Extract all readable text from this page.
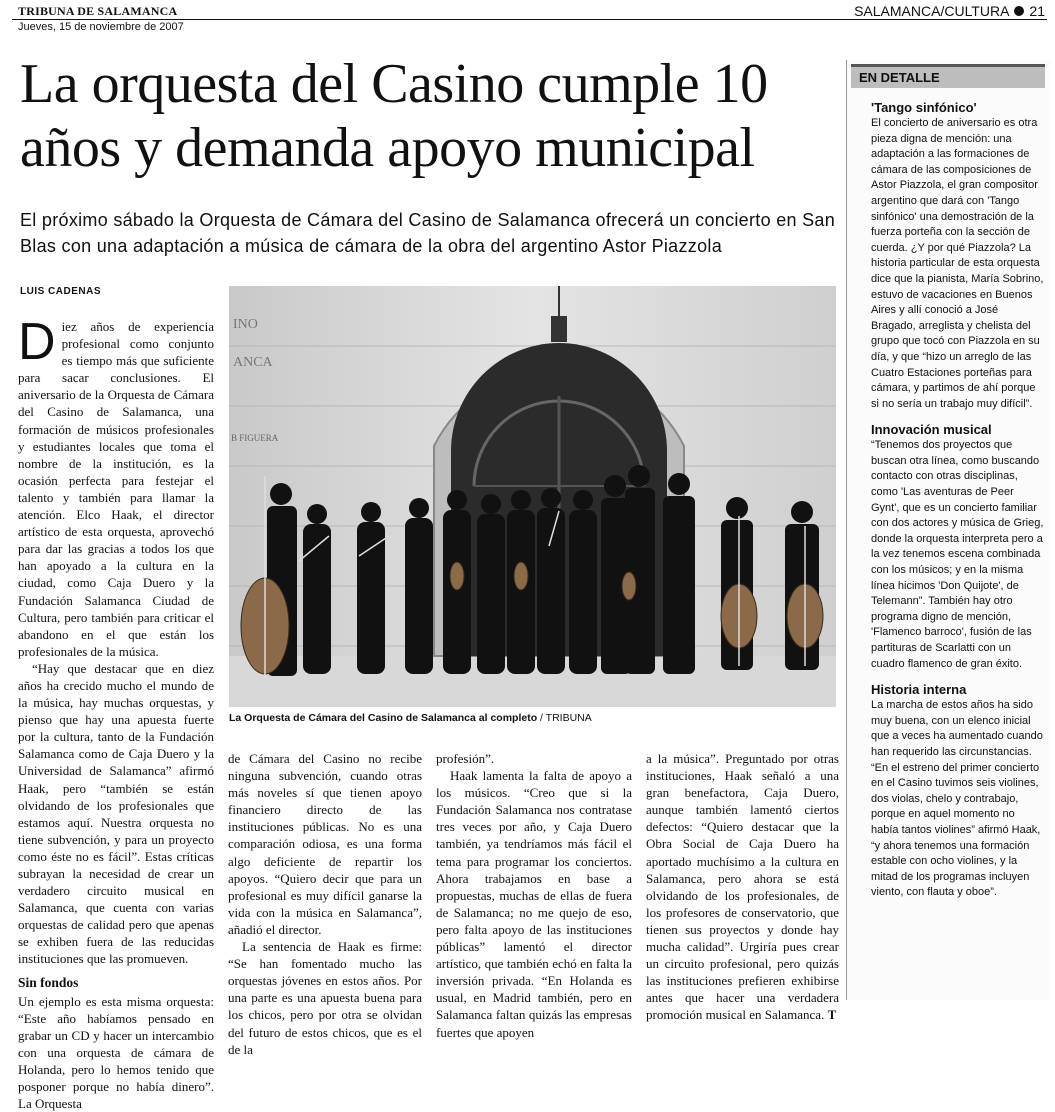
TRIBUNA DE SALAMANCA
Jueves, 15 de noviembre de 2007
SALAMANCA/CULTURA 21
La orquesta del Casino cumple 10 años y demanda apoyo municipal
El próximo sábado la Orquesta de Cámara del Casino de Salamanca ofrecerá un concierto en San Blas con una adaptación a música de cámara de la obra del argentino Astor Piazzola
LUIS CADENAS

Diez años de experiencia profesional como conjunto es tiempo más que suficiente para sacar conclusiones. El aniversario de la Orquesta de Cámara del Casino de Salamanca, una formación de músicos profesionales y estudiantes locales que toma el nombre de la institución, es la ocasión perfecta para festejar el talento y también para llamar la atención. Elco Haak, el director artístico de esta orquesta, aprovechó para dar las gracias a todos los que han apoyado a la cultura en la ciudad, como Caja Duero y la Fundación Salamanca Ciudad de Cultura, pero también para criticar el abandono en el que están los profesionales de la música.

“Hay que destacar que en diez años ha crecido mucho el mundo de la música, hay muchas orquestas, y pienso que hay una apuesta fuerte por la cultura, tanto de la Fundación Salamanca como de Caja Duero y la Universidad de Salamanca” afirmó Haak, pero “también se están olvidando de los profesionales que estamos aquí. Nuestra orquesta no tiene subvención, y para un proyecto como éste no es fácil”. Estas críticas subrayan la necesidad de crear un verdadero circuito musical en Salamanca, que cuenta con varias orquestas de calidad pero que apenas se exhiben fuera de las reducidas instituciones que las promueven.

Sin fondos

Un ejemplo es esta misma orquesta: “Este año habíamos pensado en grabar un CD y hacer un intercambio con una orquesta de cámara de Holanda, pero lo hemos tenido que posponer porque no había dinero”. La Orquesta

INO
ANCA
B FIGUERA
La Orquesta de Cámara del Casino de Salamanca al completo / TRIBUNA

de Cámara del Casino no recibe ninguna subvención, cuando otras más noveles sí que tienen apoyo financiero directo de las instituciones públicas. No es una comparación odiosa, es una forma algo deficiente de repartir los apoyos. “Quiero decir que para un profesional es muy difícil ganarse la vida con la música en Salamanca”, añadió el director.

La sentencia de Haak es firme: “Se han fomentado mucho las orquestas jóvenes en estos años. Por una parte es una apuesta buena para los chicos, pero por otra se olvidan del futuro de estos chicos, que es el de la

profesión”.

Haak lamenta la falta de apoyo a los músicos. “Creo que si la Fundación Salamanca nos contratase tres veces por año, y Caja Duero también, ya tendríamos más fácil el tema para programar los conciertos. Ahora trabajamos en base a propuestas, muchas de ellas de fuera de Salamanca; no me quejo de eso, pero falta apoyo de las instituciones públicas” lamentó el director artístico, que también echó en falta la inversión privada. “En Holanda es usual, en Madrid también, pero en Salamanca faltan quizás las empresas fuertes que apoyen

a la música”. Preguntado por otras instituciones, Haak señaló a una gran benefactora, Caja Duero, aunque también lamentó ciertos defectos: “Quiero destacar que la Obra Social de Caja Duero ha aportado muchísimo a la cultura en Salamanca, pero ahora se está olvidando de los profesionales, de los profesores de conservatorio, que tienen sus proyectos y donde hay mucha calidad”. Urgiría pues crear un circuito profesional, pero quizás las instituciones prefieren exhibirse antes que hacer una verdadera promoción musical en Salamanca. T

EN DETALLE
'Tango sinfónico'

El concierto de aniversario es otra pieza digna de mención: una adaptación a las formaciones de cámara de las composiciones de Astor Piazzola, el gran compositor argentino que dará con 'Tango sinfónico' una demostración de la fuerza porteña con la sección de cuerda. ¿Y por qué Piazzola? La historia particular de esta orquesta dice que la pianista, María Sobrino, estuvo de vacaciones en Buenos Aires y allí conoció a José Bragado, arreglista y chelista del grupo que tocó con Piazzola en su día, y que “hizo un arreglo de las Cuatro Estaciones porteñas para cámara, y partimos de ahí porque si no sería un trabajo muy difícil”.

Innovación musical

“Tenemos dos proyectos que buscan otra línea, como buscando contacto con otras disciplinas, como 'Las aventuras de Peer Gynt', que es un concierto familiar con dos actores y música de Grieg, donde la orquesta interpreta pero a la vez tenemos escena combinada con los músicos; y en la misma línea hicimos 'Don Quijote', de Telemann”. También hay otro programa digno de mención, 'Flamenco barroco', fusión de las partituras de Scarlatti con un cuadro flamenco de gran éxito.

Historia interna

La marcha de estos años ha sido muy buena, con un elenco inicial que a veces ha aumentado cuando han requerido las circunstancias. “En el estreno del primer concierto en el Casino tuvimos seis violines, dos violas, chelo y contrabajo, porque en aquel momento no había tantos violines” afirmó Haak, “y ahora tenemos una formación estable con ocho violines, y la mitad de los programas incluyen viento, con flauta y oboe”.
